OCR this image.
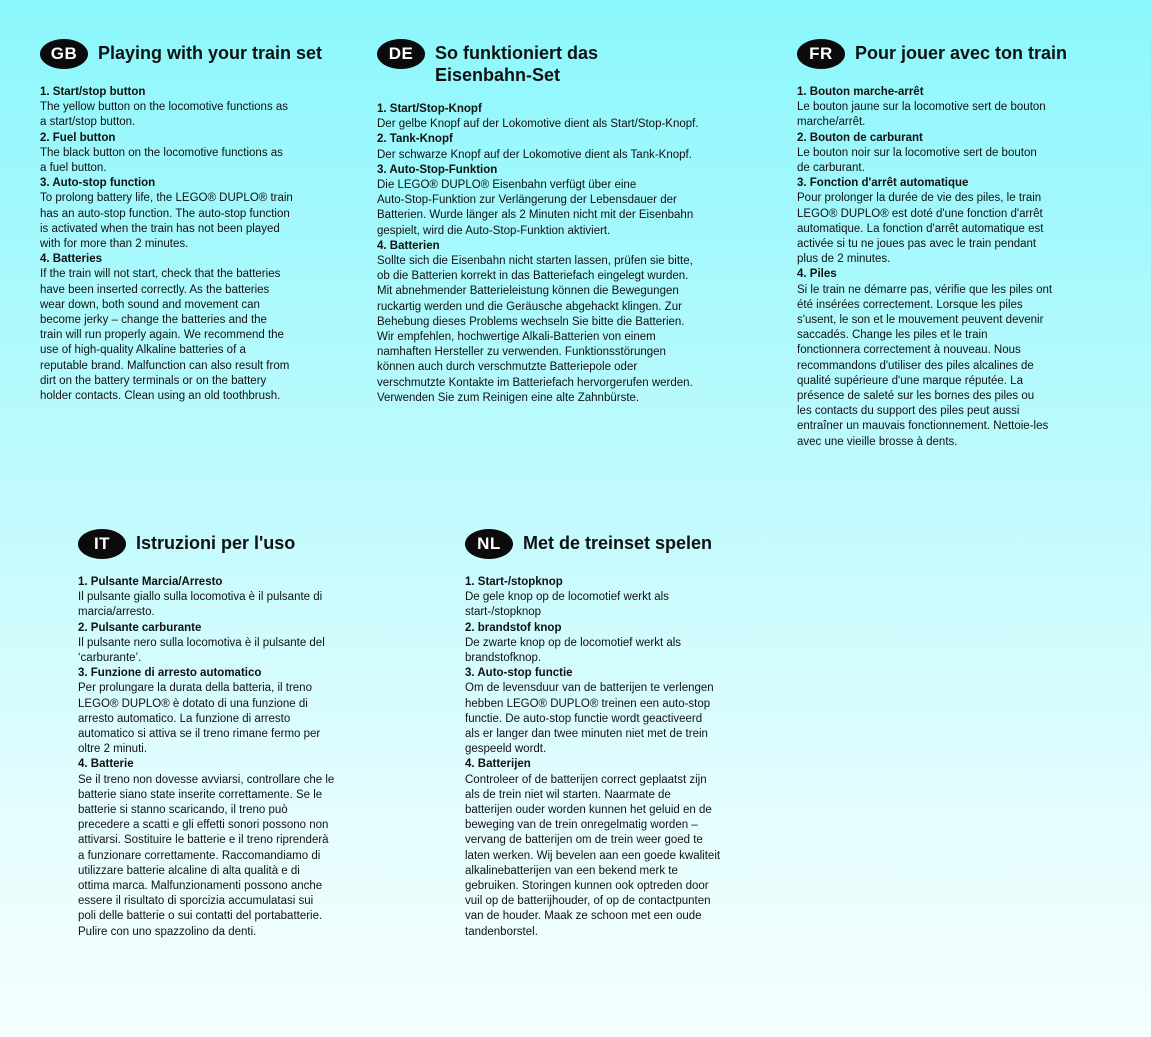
GB	Playing with your train set
1. Start/stop button
The yellow button on the locomotive functions as
a start/stop button.
2. Fuel button
The black button on the locomotive functions as
a fuel button.
3. Auto-stop function
To prolong battery life, the LEGO® DUPLO® train
has an auto-stop function. The auto-stop function
is activated when the train has not been played
with for more than 2 minutes.
4. Batteries
If the train will not start, check that the batteries
have been inserted correctly. As the batteries
wear down, both sound and movement can
become jerky – change the batteries and the
train will run properly again. We recommend the
use of high-quality Alkaline batteries of a
reputable brand. Malfunction can also result from
dirt on the battery terminals or on the battery
holder contacts. Clean using an old toothbrush.
DE	So funktioniert das
Eisenbahn-Set
1. Start/Stop-Knopf
Der gelbe Knopf auf der Lokomotive dient als Start/Stop-Knopf.
2. Tank-Knopf
Der schwarze Knopf auf der Lokomotive dient als Tank-Knopf.
3. Auto-Stop-Funktion
Die LEGO® DUPLO® Eisenbahn verfügt über eine
Auto-Stop-Funktion zur Verlängerung der Lebensdauer der
Batterien. Wurde länger als 2 Minuten nicht mit der Eisenbahn
gespielt, wird die Auto-Stop-Funktion aktiviert.
4. Batterien
Sollte sich die Eisenbahn nicht starten lassen, prüfen sie bitte,
ob die Batterien korrekt in das Batteriefach eingelegt wurden.
Mit abnehmender Batterieleistung können die Bewegungen
ruckartig werden und die Geräusche abgehackt klingen. Zur
Behebung dieses Problems wechseln Sie bitte die Batterien.
Wir empfehlen, hochwertige Alkali-Batterien von einem
namhaften Hersteller zu verwenden. Funktionsstörungen
können auch durch verschmutzte Batteriepole oder
verschmutzte Kontakte im Batteriefach hervorgerufen werden.
Verwenden Sie zum Reinigen eine alte Zahnbürste.
FR	Pour jouer avec ton train
1. Bouton marche-arrêt
Le bouton jaune sur la locomotive sert de bouton
marche/arrêt.
2. Bouton de carburant
Le bouton noir sur la locomotive sert de bouton
de carburant.
3. Fonction d'arrêt automatique
Pour prolonger la durée de vie des piles, le train
LEGO® DUPLO® est doté d'une fonction d'arrêt
automatique. La fonction d'arrêt automatique est
activée si tu ne joues pas avec le train pendant
plus de 2 minutes.
4. Piles
Si le train ne démarre pas, vérifie que les piles ont
été insérées correctement. Lorsque les piles
s'usent, le son et le mouvement peuvent devenir
saccadés. Change les piles et le train
fonctionnera correctement à nouveau. Nous
recommandons d'utiliser des piles alcalines de
qualité supérieure d'une marque réputée. La
présence de saleté sur les bornes des piles ou
les contacts du support des piles peut aussi
entraîner un mauvais fonctionnement. Nettoie-les
avec une vieille brosse à dents.
IT	Istruzioni per l'uso
1. Pulsante Marcia/Arresto
Il pulsante giallo sulla locomotiva è il pulsante di
marcia/arresto.
2. Pulsante carburante
Il pulsante nero sulla locomotiva è il pulsante del
‘carburante’.
3. Funzione di arresto automatico
Per prolungare la durata della batteria, il treno
LEGO® DUPLO® è dotato di una funzione di
arresto automatico. La funzione di arresto
automatico si attiva se il treno rimane fermo per
oltre 2 minuti.
4. Batterie
Se il treno non dovesse avviarsi, controllare che le
batterie siano state inserite correttamente. Se le
batterie si stanno scaricando, il treno può
precedere a scatti e gli effetti sonori possono non
attivarsi. Sostituire le batterie e il treno riprenderà
a funzionare correttamente. Raccomandiamo di
utilizzare batterie alcaline di alta qualità e di
ottima marca. Malfunzionamenti possono anche
essere il risultato di sporcizia accumulatasi sui
poli delle batterie o sui contatti del portabatterie.
Pulire con uno spazzolino da denti.
NL	Met de treinset spelen
1. Start-/stopknop
De gele knop op de locomotief werkt als
start-/stopknop
2. brandstof knop
De zwarte knop op de locomotief werkt als
brandstofknop.
3. Auto-stop functie
Om de levensduur van de batterijen te verlengen
hebben LEGO® DUPLO® treinen een auto-stop
functie. De auto-stop functie wordt geactiveerd
als er langer dan twee minuten niet met de trein
gespeeld wordt.
4. Batterijen
Controleer of de batterijen correct geplaatst zijn
als de trein niet wil starten. Naarmate de
batterijen ouder worden kunnen het geluid en de
beweging van de trein onregelmatig worden –
vervang de batterijen om de trein weer goed te
laten werken. Wij bevelen aan een goede kwaliteit
alkalinebatterijen van een bekend merk te
gebruiken. Storingen kunnen ook optreden door
vuil op de batterijhouder, of op de contactpunten
van de houder. Maak ze schoon met een oude
tandenborstel.
